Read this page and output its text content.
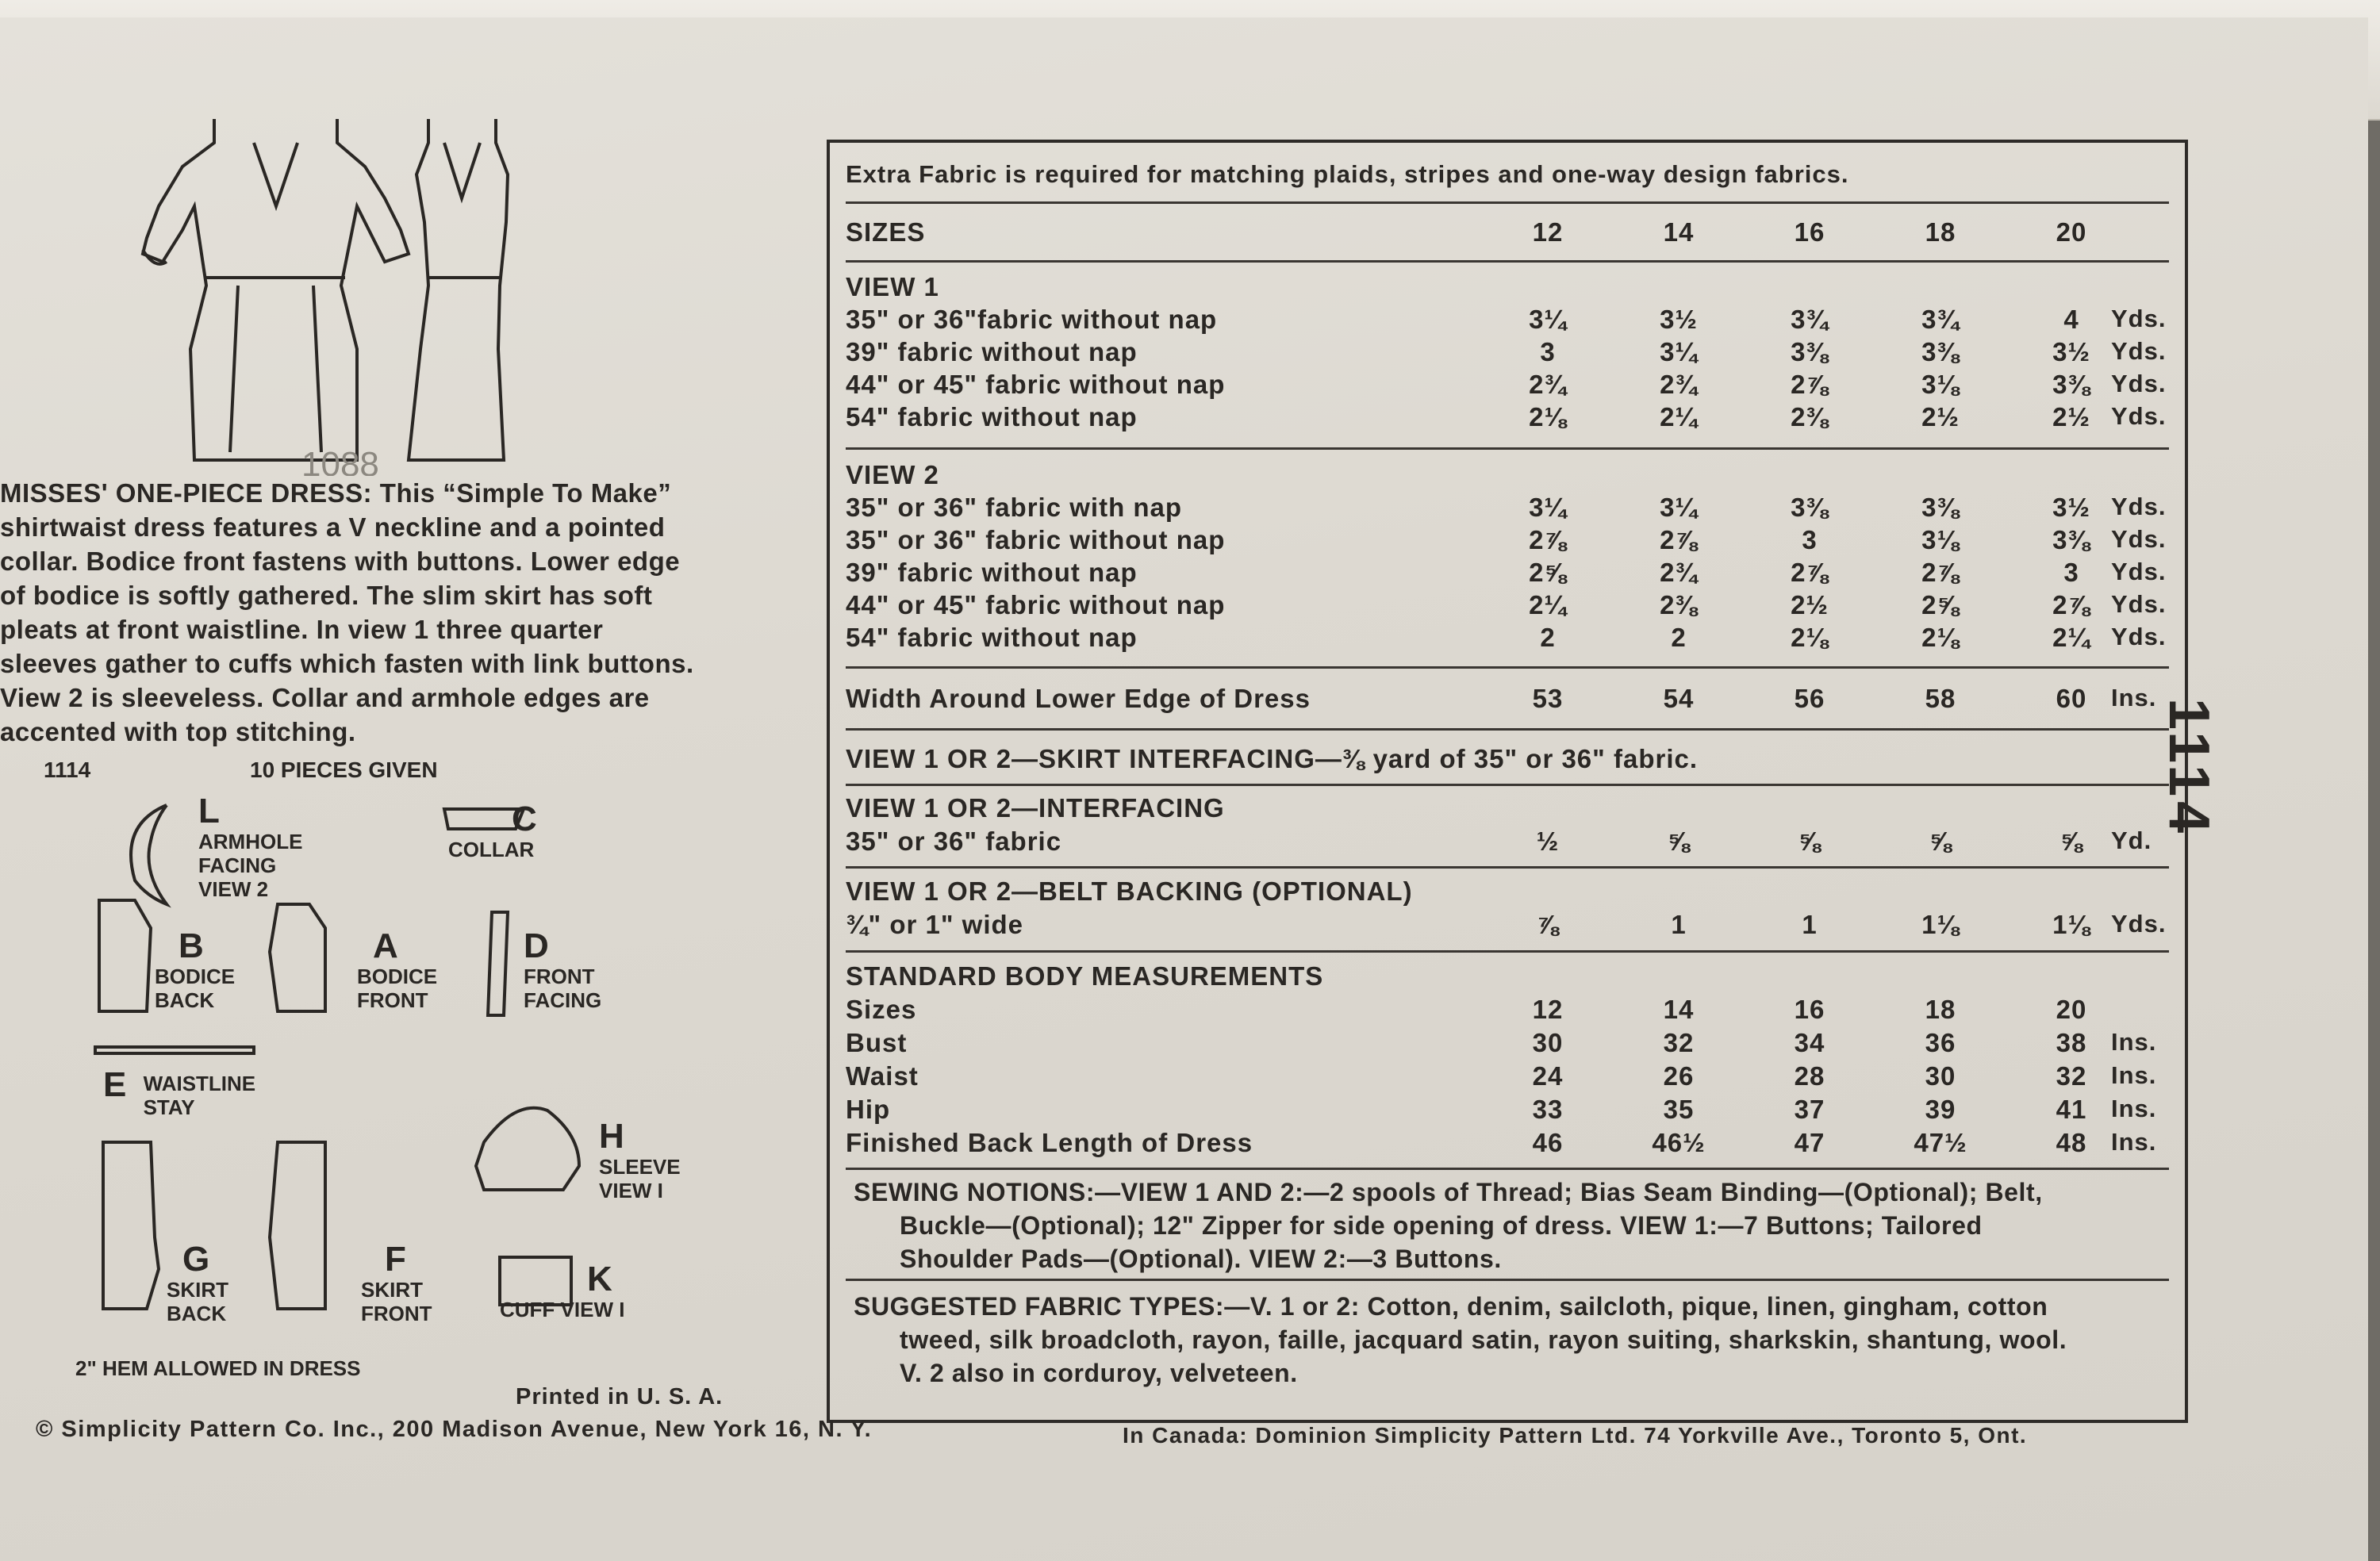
1088
MISSES' ONE-PIECE DRESS: This “Simple To Make”
shirtwaist dress features a V neckline and a pointed
collar. Bodice front fastens with buttons. Lower edge
of bodice is softly gathered. The slim skirt has soft
pleats at front waistline. In view 1 three quarter
sleeves gather to cuffs which fasten with link buttons.
View 2 is sleeveless. Collar and armhole edges are
accented with top stitching.
1114	10 PIECES GIVEN
L
ARMHOLE FACING VIEW 2
C
COLLAR
B
BODICE BACK
A
BODICE FRONT
D
FRONT FACING
E WAISTLINE STAY
H
SLEEVE VIEW I
G
SKIRT BACK
F
SKIRT FRONT
K
CUFF VIEW I
2" HEM ALLOWED IN DRESS
Printed in U. S. A.
Extra Fabric is required for matching plaids, stripes and one-way design fabrics.
SIZES	12	14	16	18	20
VIEW 1
35" or 36"fabric without nap	3¼	3½	3¾	3¾	4	Yds.
39" fabric without nap	3	3¼	3⅜	3⅜	3½ Yds.
44" or 45" fabric without nap	2¾	2¾	2⅞	3⅛	3⅜ Yds.
54" fabric without nap	2⅛	2¼	2⅜	2½	2½ Yds.
VIEW 2
35" or 36" fabric with nap	3¼	3¼	3⅜	3⅜	3½ Yds.
35" or 36" fabric without nap	2⅞	2⅞	3	3⅛	3⅜ Yds.
39" fabric without nap	2⅝	2¾	2⅞	2⅞	3	Yds.
44" or 45" fabric without nap	2¼	2⅜	2½	2⅝	2⅞ Yds.
54" fabric without nap	2	2	2⅛	2⅛	2¼ Yds.
Width Around Lower Edge of Dress	53	54	56	58	60 Ins.
VIEW 1 OR 2—SKIRT INTERFACING—⅜ yard of 35" or 36" fabric.
VIEW 1 OR 2—INTERFACING
35" or 36" fabric	½	⅝	⅝	⅝	⅝	Yd.
VIEW 1 OR 2—BELT BACKING (OPTIONAL)
¾" or 1" wide	⅞	1	1	1⅛	1⅛ Yds.
STANDARD BODY MEASUREMENTS
Sizes	12	14	16	18	20
Bust	30	32	34	36	38 Ins.
Waist	24	26	28	30	32 Ins.
Hip	33	35	37	39	41 Ins.
Finished Back Length of Dress	46	46½	47	47½	48 Ins.
SEWING NOTIONS:—VIEW 1 AND 2:—2 spools of Thread; Bias Seam Binding—(Optional); Belt,
Buckle—(Optional); 12" Zipper for side opening of dress. VIEW 1:—7 Buttons; Tailored
Shoulder Pads—(Optional). VIEW 2:—3 Buttons.
SUGGESTED FABRIC TYPES:—V. 1 or 2: Cotton, denim, sailcloth, pique, linen, gingham, cotton
tweed, silk broadcloth, rayon, faille, jacquard satin, rayon suiting, sharkskin, shantung, wool.
V. 2 also in corduroy, velveteen.
1114
© Simplicity Pattern Co. Inc., 200 Madison Avenue, New York 16, N. Y.	In Canada: Dominion Simplicity Pattern Ltd. 74 Yorkville Ave., Toronto 5, Ont.
